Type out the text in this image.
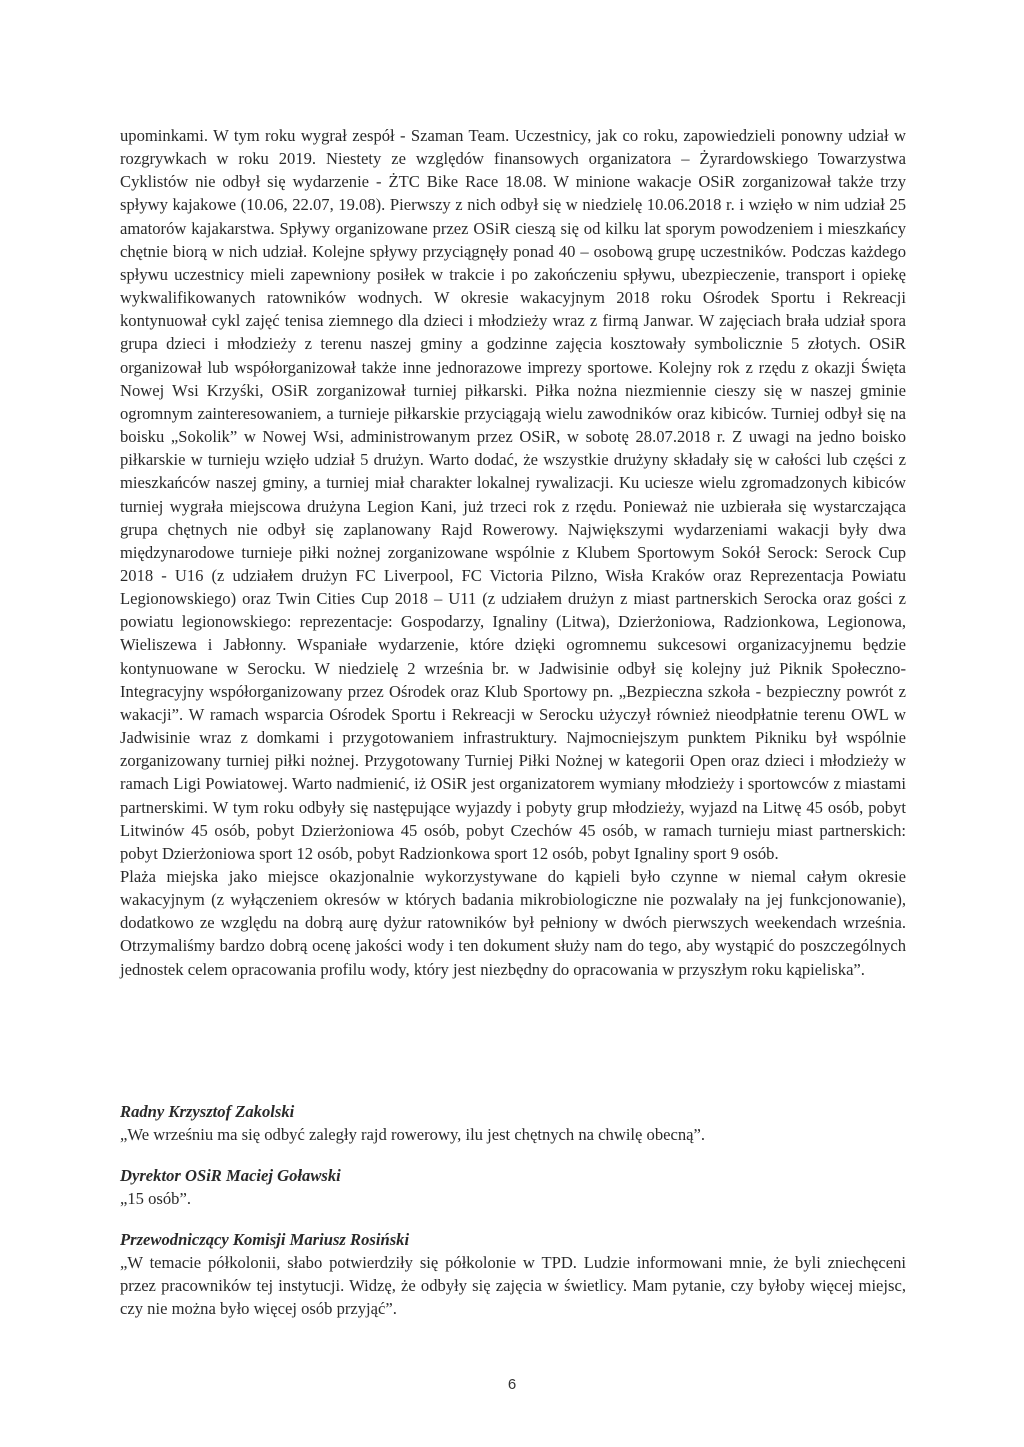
upominkami. W tym roku wygrał zespół - Szaman Team. Uczestnicy, jak co roku, zapowiedzieli ponowny udział w rozgrywkach w roku 2019. Niestety ze względów finansowych organizatora – Żyrardowskiego Towarzystwa Cyklistów nie odbył się wydarzenie - ŻTC Bike Race 18.08. W minione wakacje OSiR zorganizował także trzy spływy kajakowe (10.06, 22.07, 19.08). Pierwszy z nich odbył się w niedzielę 10.06.2018 r. i wzięło w nim udział 25 amatorów kajakarstwa. Spływy organizowane przez OSiR cieszą się od kilku lat sporym powodzeniem i mieszkańcy chętnie biorą w nich udział. Kolejne spływy przyciągnęły ponad 40 – osobową grupę uczestników. Podczas każdego spływu uczestnicy mieli zapewniony posiłek w trakcie i po zakończeniu spływu, ubezpieczenie, transport i opiekę wykwalifikowanych ratowników wodnych. W okresie wakacyjnym 2018 roku Ośrodek Sportu i Rekreacji kontynuował cykl zajęć tenisa ziemnego dla dzieci i młodzieży wraz z firmą Janwar. W zajęciach brała udział spora grupa dzieci i młodzieży z terenu naszej gminy a godzinne zajęcia kosztowały symbolicznie 5 złotych. OSiR organizował lub współorganizował także inne jednorazowe imprezy sportowe. Kolejny rok z rzędu z okazji Święta Nowej Wsi Krzyśki, OSiR zorganizował turniej piłkarski. Piłka nożna niezmiennie cieszy się w naszej gminie ogromnym zainteresowaniem, a turnieje piłkarskie przyciągają wielu zawodników oraz kibiców. Turniej odbył się na boisku „Sokolik” w Nowej Wsi, administrowanym przez OSiR, w sobotę 28.07.2018 r. Z uwagi na jedno boisko piłkarskie w turnieju wzięło udział 5 drużyn. Warto dodać, że wszystkie drużyny składały się w całości lub części z mieszkańców naszej gminy, a turniej miał charakter lokalnej rywalizacji. Ku uciesze wielu zgromadzonych kibiców turniej wygrała miejscowa drużyna Legion Kani, już trzeci rok z rzędu. Ponieważ nie uzbierała się wystarczająca grupa chętnych nie odbył się zaplanowany Rajd Rowerowy. Największymi wydarzeniami wakacji były dwa międzynarodowe turnieje piłki nożnej zorganizowane wspólnie z Klubem Sportowym Sokół Serock: Serock Cup 2018 - U16 (z udziałem drużyn FC Liverpool, FC Victoria Pilzno, Wisła Kraków oraz Reprezentacja Powiatu Legionowskiego) oraz Twin Cities Cup 2018 – U11 (z udziałem drużyn z miast partnerskich Serocka oraz gości z powiatu legionowskiego: reprezentacje: Gospodarzy, Ignaliny (Litwa), Dzierżoniowa, Radzionkowa, Legionowa, Wieliszewa i Jabłonny. Wspaniałe wydarzenie, które dzięki ogromnemu sukcesowi organizacyjnemu będzie kontynuowane w Serocku. W niedzielę 2 września br. w Jadwisinie odbył się kolejny już Piknik Społeczno-Integracyjny współorganizowany przez Ośrodek oraz Klub Sportowy pn. „Bezpieczna szkoła - bezpieczny powrót z wakacji”. W ramach wsparcia Ośrodek Sportu i Rekreacji w Serocku użyczył również nieodpłatnie terenu OWL w Jadwisinie wraz z domkami i przygotowaniem infrastruktury. Najmocniejszym punktem Pikniku był wspólnie zorganizowany turniej piłki nożnej. Przygotowany Turniej Piłki Nożnej w kategorii Open oraz dzieci i młodzieży w ramach Ligi Powiatowej. Warto nadmienić, iż OSiR jest organizatorem wymiany młodzieży i sportowców z miastami partnerskimi. W tym roku odbyły się następujące wyjazdy i pobyty grup młodzieży, wyjazd na Litwę 45 osób, pobyt Litwinów 45 osób, pobyt Dzierżoniowa 45 osób, pobyt Czechów 45 osób, w ramach turnieju miast partnerskich: pobyt Dzierżoniowa sport 12 osób, pobyt Radzionkowa sport 12 osób, pobyt Ignaliny sport 9 osób.

Plaża miejska jako miejsce okazjonalnie wykorzystywane do kąpieli było czynne w niemal całym okresie wakacyjnym (z wyłączeniem okresów w których badania mikrobiologiczne nie pozwalały na jej funkcjonowanie), dodatkowo ze względu na dobrą aurę dyżur ratowników był pełniony w dwóch pierwszych weekendach września. Otrzymaliśmy bardzo dobrą ocenę jakości wody i ten dokument służy nam do tego, aby wystąpić do poszczególnych jednostek celem opracowania profilu wody, który jest niezbędny do opracowania w przyszłym roku kąpieliska”.

Radny Krzysztof Zakolski

„We wrześniu ma się odbyć zaległy rajd rowerowy, ilu jest chętnych na chwilę obecną”.

Dyrektor OSiR Maciej Goławski

„15 osób”.

Przewodniczący Komisji Mariusz Rosiński

„W temacie półkolonii, słabo potwierdziły się półkolonie w TPD. Ludzie informowani mnie, że byli zniechęceni przez pracowników tej instytucji. Widzę, że odbyły się zajęcia w świetlicy. Mam pytanie, czy byłoby więcej miejsc, czy nie można było więcej osób przyjąć”.

6
